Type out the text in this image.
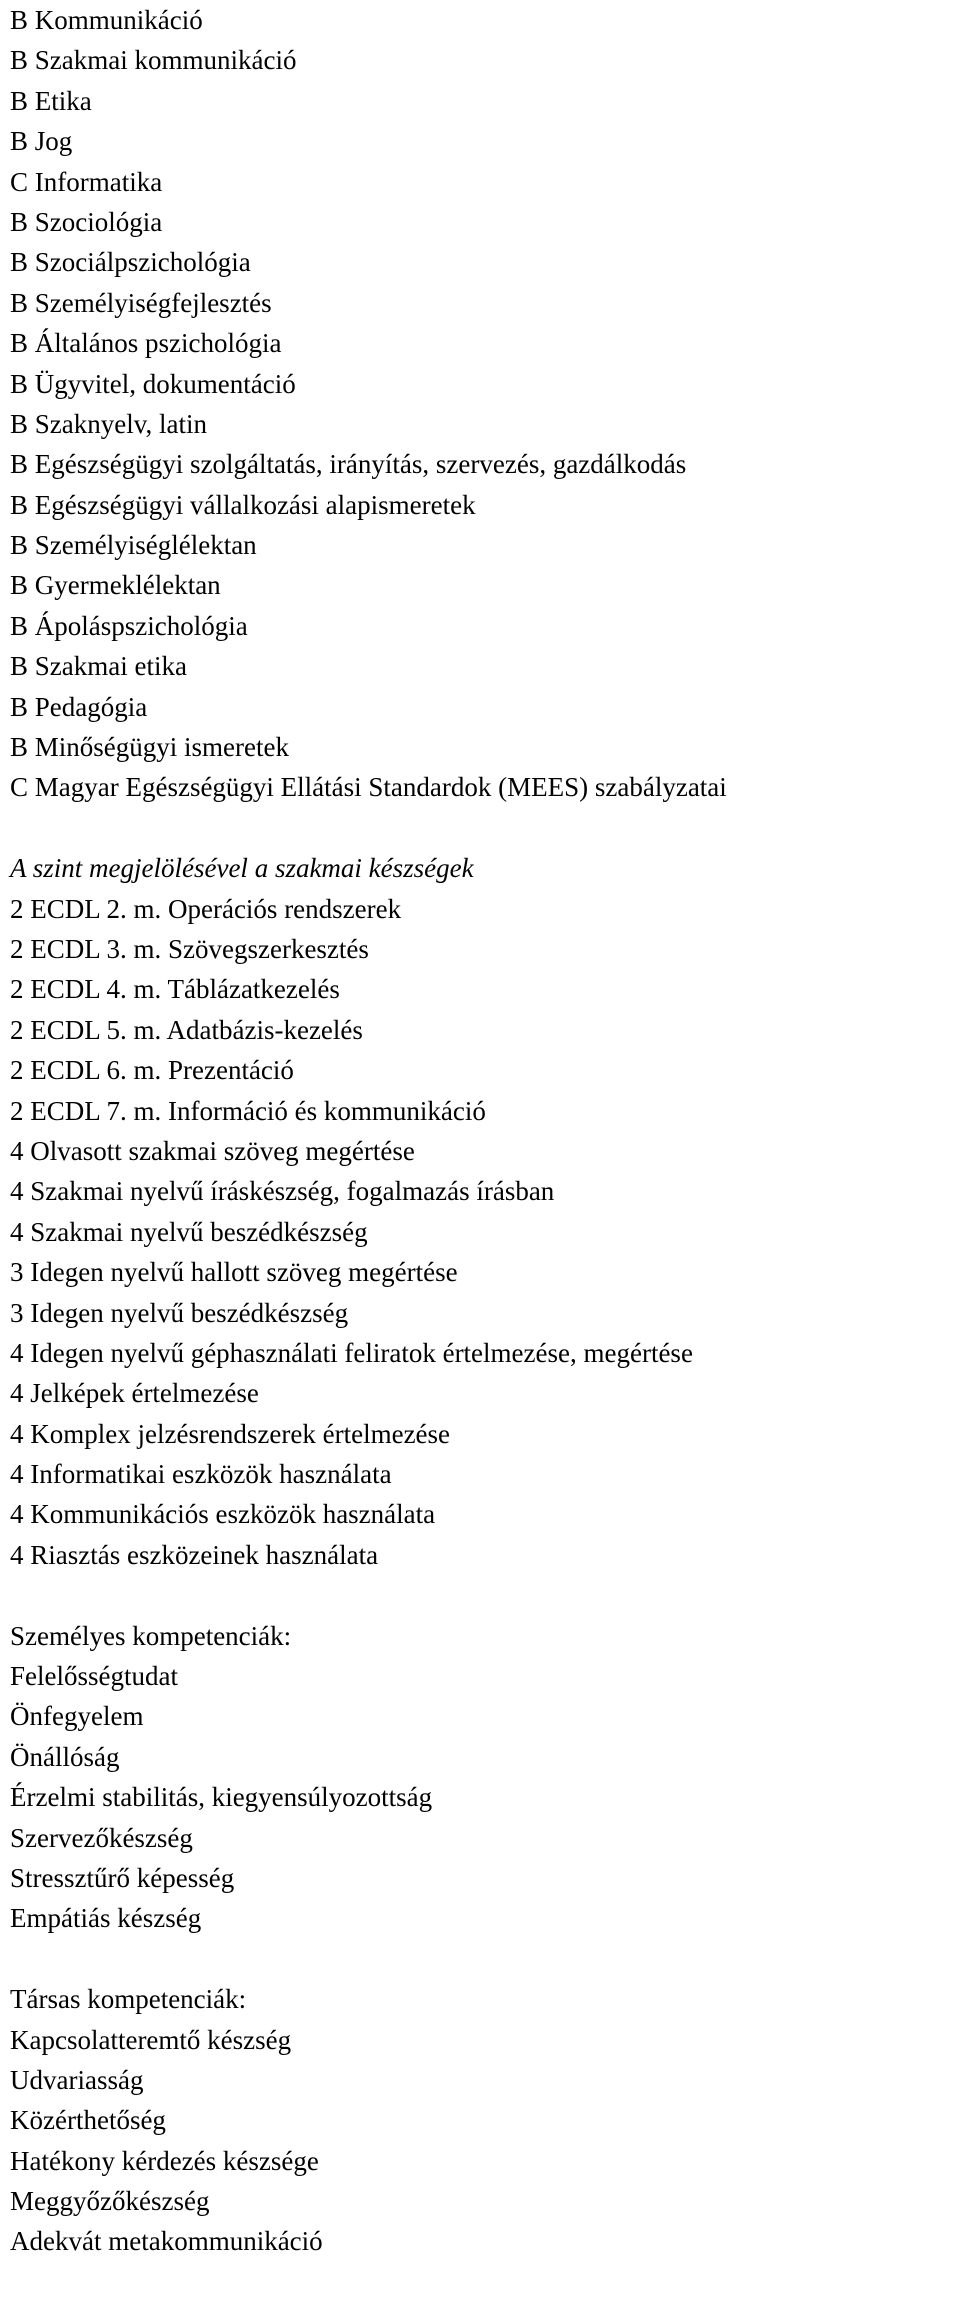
B Kommunikáció

B Szakmai kommunikáció

B Etika

B Jog

C Informatika

B Szociológia

B Szociálpszichológia

B Személyiségfejlesztés

B Általános pszichológia

B Ügyvitel, dokumentáció

B Szaknyelv, latin

B Egészségügyi szolgáltatás, irányítás, szervezés, gazdálkodás

B Egészségügyi vállalkozási alapismeretek

B Személyiséglélektan

B Gyermeklélektan

B Ápoláspszichológia

B Szakmai etika

B Pedagógia

B Minőségügyi ismeretek

C Magyar Egészségügyi Ellátási Standardok (MEES) szabályzatai

A szint megjelölésével a szakmai készségek

2 ECDL 2. m. Operációs rendszerek

2 ECDL 3. m. Szövegszerkesztés

2 ECDL 4. m. Táblázatkezelés

2 ECDL 5. m. Adatbázis-kezelés

2 ECDL 6. m. Prezentáció

2 ECDL 7. m. Információ és kommunikáció

4 Olvasott szakmai szöveg megértése

4 Szakmai nyelvű íráskészség, fogalmazás írásban

4 Szakmai nyelvű beszédkészség

3 Idegen nyelvű hallott szöveg megértése

3 Idegen nyelvű beszédkészség

4 Idegen nyelvű géphasználati feliratok értelmezése, megértése

4 Jelképek értelmezése

4 Komplex jelzésrendszerek értelmezése

4 Informatikai eszközök használata

4 Kommunikációs eszközök használata

4 Riasztás eszközeinek használata

Személyes kompetenciák:

Felelősségtudat

Önfegyelem

Önállóság

Érzelmi stabilitás, kiegyensúlyozottság

Szervezőkészség

Stressztűrő képesség

Empátiás készség

Társas kompetenciák:

Kapcsolatteremtő készség

Udvariasság

Közérthetőség

Hatékony kérdezés készsége

Meggyőzőkészség

Adekvát metakommunikáció
